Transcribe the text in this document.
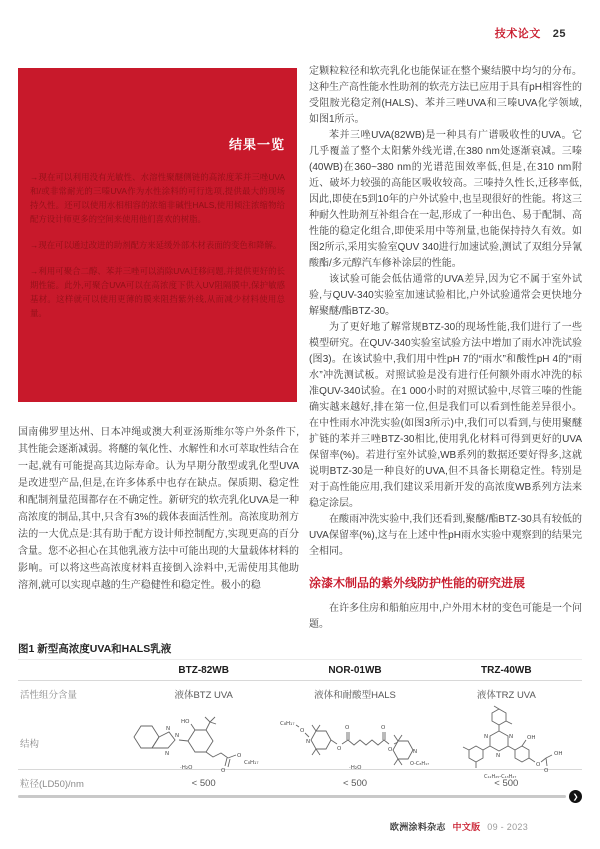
技术论文 25
结果一览

→现在可以利用没有光敏性、水溶性聚醚侧链的高浓度苯并三唑UVA和/或非常耐光的三嗪UVA作为水性涂料的可行选项,提供最大的现场持久性。还可以使用水相相容的浓缩非碱性HALS,使用倾注浓缩物给配方设计师更多的空间来使用他们喜欢的树脂。

→现在可以通过改进的助剂配方来延缓外部木材表面的变色和降解。

→利用可聚合二醇、苯并三唑可以消除UVA迁移问题,并提供更好的长期性能。此外,可聚合UVA可以在高浓度下供入UV阻隔膜中,保护敏感基材。这样就可以使用更薄的膜来阻挡紫外线,从而减少材料使用总量。

国南佛罗里达州、日本冲绳或澳大利亚汤斯维尔等户外条件下,其性能会逐渐减弱。将醚的氧化性、水解性和水可萃取性结合在一起,就有可能提高其边际寿命。认为早期分散型或乳化型UVA是改进型产品,但是,在许多体系中也存在缺点。保质期、稳定性和配制剂量范围都存在不确定性。新研究的软壳乳化UVA是一种高浓度的制品,其中,只含有3%的载体表面活性剂。高浓度助剂方法的一大优点是:其有助于配方设计师控制配方,实现更高的百分含量。您不必担心在其他乳液方法中可能出现的大量载体材料的影响。可以将这些高浓度材料直接倒入涂料中,无需使用其他助溶剂,就可以实现卓越的生产稳健性和稳定性。极小的稳

定颗粒粒径和软壳乳化也能保证在整个聚结膜中均匀的分布。这种生产高性能水性助剂的软壳方法已应用于具有pH相容性的受阻胺光稳定剂(HALS)、苯并三唑UVA和三嗪UVA化学领域,如图1所示。

苯并三唑UVA(82WB)是一种具有广谱吸收性的UVA。它几乎覆盖了整个太阳紫外线光谱,在380 nm处逐渐衰减。三嗪(40WB)在360~380 nm的光谱范围效率低,但是,在310 nm附近、破坏力较强的高能区吸收较高。三嗪持久性长,迁移率低,因此,即使在5到10年的户外试验中,也呈现很好的性能。将这三种耐久性助剂互补组合在一起,形成了一种出色、易于配制、高性能的稳定化组合,即使采用中等剂量,也能保持持久有效。如图2所示,采用实验室QUV 340进行加速试验,测试了双组分异氰酸酯/多元醇汽车修补涂层的性能。

该试验可能会低估通常的UVA差异,因为它不属于室外试验,与QUV-340实验室加速试验相比,户外试验通常会更快地分解聚醚/酯BTZ-30。

为了更好地了解常规BTZ-30的现场性能,我们进行了一些模型研究。在QUV-340实验室试验方法中增加了雨水冲洗试验(图3)。在该试验中,我们用中性pH 7的“雨水”和酸性pH 4的“雨水”冲洗测试板。对照试验是没有进行任何额外雨水冲洗的标准QUV-340试验。在1 000小时的对照试验中,尽管三嗪的性能确实越来越好,排在第一位,但是我们可以看到性能差异很小。在中性雨水冲洗实验(如图3所示)中,我们可以看到,与使用聚醚扩链的苯并三唑BTZ-30相比,使用乳化材料可得到更好的UVA保留率(%)。若进行室外试验,WB系列的数据还要好得多,这就说明BTZ-30是一种良好的UVA,但不具备长期稳定性。特别是对于高性能应用,我们建议采用新开发的高浓度WB系列方法来稳定涂层。

在酸雨冲洗实验中,我们还看到,聚醚/酯BTZ-30具有较低的UVA保留率(%),这与在上述中性pH雨水实验中观察到的结果完全相同。

涂漆木制品的紫外线防护性能的研究进展

在许多住房和船舶应用中,户外用木材的变色可能是一个问题。

图1 新型高浓度UVA和HALS乳液
BTZ-82WB	NOR-01WB	TRZ-40WB
活性组分含量	液体BTZ UVA	液体和耐酸型HALS	液体TRZ UVA
结构
N
N
N
HO
O
O
C₈H₁₇
·H₂O
C₈H₁₇
O
N
O
O	O
O	N
O-C₈H₁₇
·H₂O
N	N
N
OH
O
OH
O
C₁₂H₂₅-C₁₃H₂₇
粒径(LD50)/nm	< 500	< 500	< 500
❯
欧洲涂料杂志 中文版 09 - 2023
